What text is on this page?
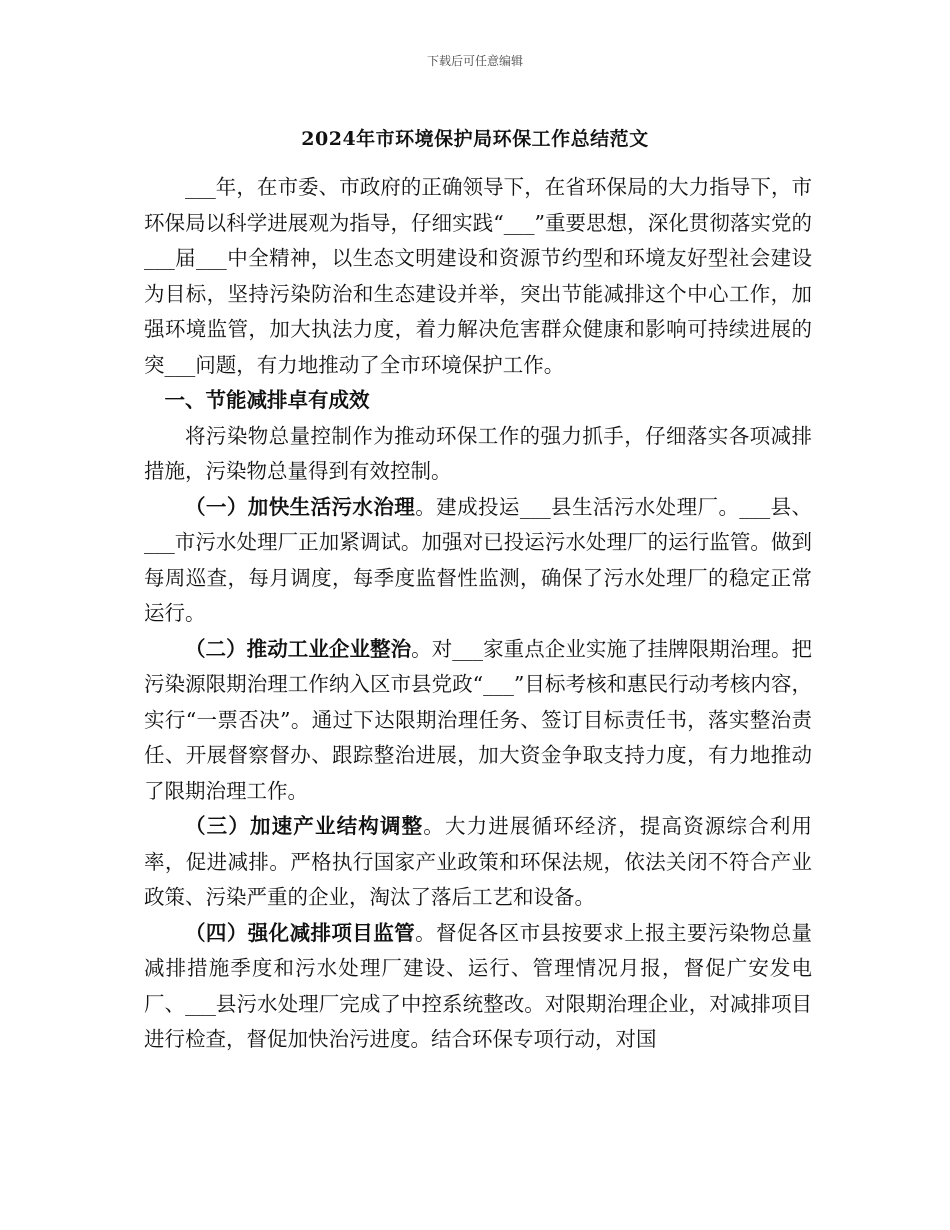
下载后可任意编辑
2024年市环境保护局环保工作总结范文

___年，在市委、市政府的正确领导下，在省环保局的大力指导下，市环保局以科学进展观为指导，仔细实践“___”重要思想，深化贯彻落实党的___届___中全精神，以生态文明建设和资源节约型和环境友好型社会建设为目标，坚持污染防治和生态建设并举，突出节能减排这个中心工作，加强环境监管，加大执法力度，着力解决危害群众健康和影响可持续进展的突___问题，有力地推动了全市环境保护工作。

一、节能减排卓有成效

将污染物总量控制作为推动环保工作的强力抓手，仔细落实各项减排措施，污染物总量得到有效控制。

（一）加快生活污水治理。建成投运___县生活污水处理厂。___县、___市污水处理厂正加紧调试。加强对已投运污水处理厂的运行监管。做到每周巡查，每月调度，每季度监督性监测，确保了污水处理厂的稳定正常运行。

（二）推动工业企业整治。对___家重点企业实施了挂牌限期治理。把污染源限期治理工作纳入区市县党政“___”目标考核和惠民行动考核内容，实行“一票否决”。通过下达限期治理任务、签订目标责任书，落实整治责任、开展督察督办、跟踪整治进展，加大资金争取支持力度，有力地推动了限期治理工作。

（三）加速产业结构调整。大力进展循环经济，提高资源综合利用率，促进减排。严格执行国家产业政策和环保法规，依法关闭不符合产业政策、污染严重的企业，淘汰了落后工艺和设备。

（四）强化减排项目监管。督促各区市县按要求上报主要污染物总量减排措施季度和污水处理厂建设、运行、管理情况月报，督促广安发电厂、___县污水处理厂完成了中控系统整改。对限期治理企业，对减排项目进行检查，督促加快治污进度。结合环保专项行动，对国
